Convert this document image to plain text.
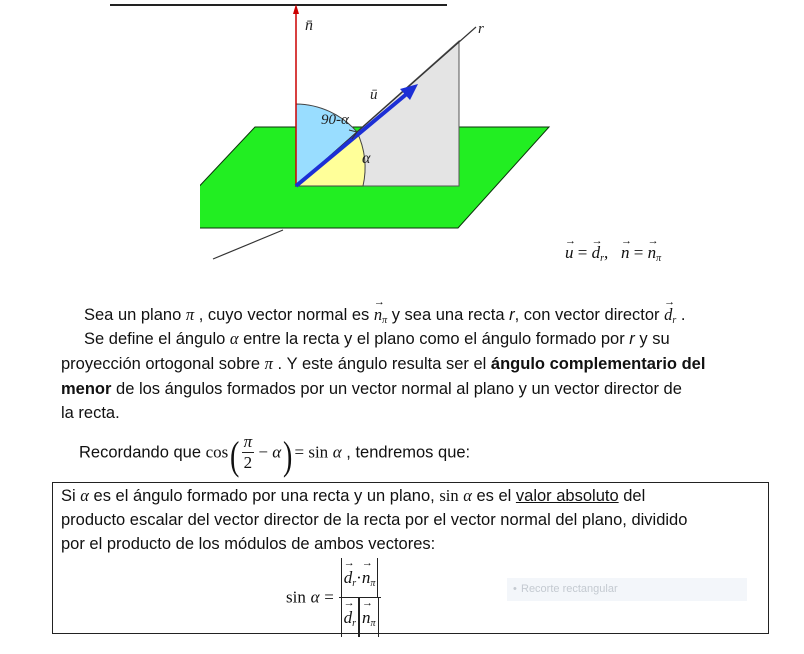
n̄	r
ū
90-α
α
→
u =
→
$d_r$,
→
n =
→
$n_\pi$
Sea un plano π , cuyo vector normal es
→
$n_\pi$ y sea una recta r, con vector director
→
$d_r$ .
Se define el ángulo α entre la recta y el plano como el ángulo formado por r y su
proyección ortogonal sobre π . Y este ángulo resulta ser el ángulo complementario del
menor de los ángulos formados por un vector normal al plano y un vector director de
la recta.
Recordando que $\cos( \frac{\pi}{2} - \alpha) = \sin \alpha$ , tendremos que:
Si α es el ángulo formado por una recta y un plano, sin α es el valor absoluto del
producto escalar del vector director de la recta por el vector normal del plano, dividido
por el producto de los módulos de ambos vectores:
sin α = →
$d_r\cdot$
→
$n_\pi$
→
$d_r$
→
$n_\pi$
•	Recorte rectangular
